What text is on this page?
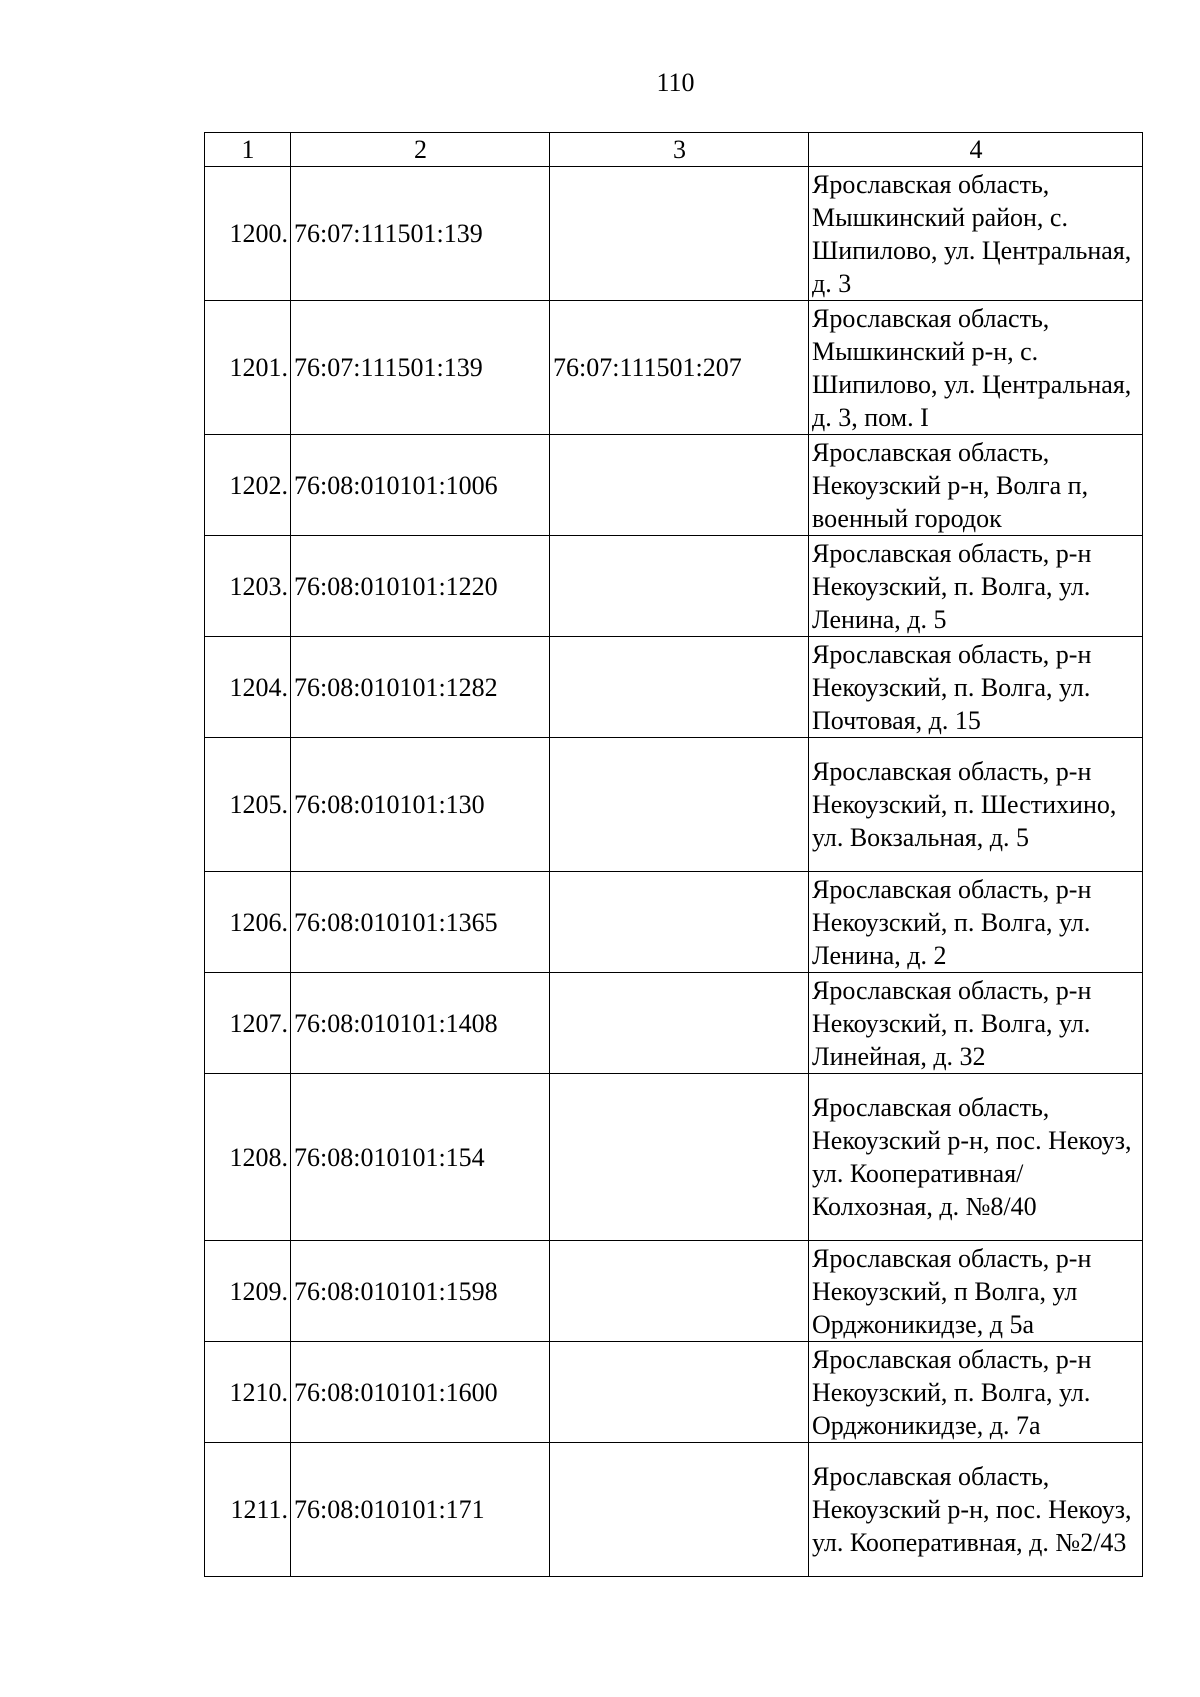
110
1	2	3	4
1200.	76:07:111501:139		Ярославская область, Мышкинский район, с. Шипилово, ул. Центральная, д. 3
1201.	76:07:111501:139	76:07:111501:207	Ярославская область, Мышкинский р-н, с. Шипилово, ул. Центральная, д. 3, пом. I
1202.	76:08:010101:1006		Ярославская область, Некоузский р-н, Волга п, военный городок
1203.	76:08:010101:1220		Ярославская область, р-н Некоузский, п. Волга, ул. Ленина, д. 5
1204.	76:08:010101:1282		Ярославская область, р-н Некоузский, п. Волга, ул. Почтовая, д. 15
1205.	76:08:010101:130		Ярославская область, р-н Некоузский, п. Шестихино, ул. Вокзальная, д. 5
1206.	76:08:010101:1365		Ярославская область, р-н Некоузский, п. Волга, ул. Ленина, д. 2
1207.	76:08:010101:1408		Ярославская область, р-н Некоузский, п. Волга, ул. Линейная, д. 32
1208.	76:08:010101:154		Ярославская область, Некоузский р-н, пос. Некоуз, ул. Кооперативная/Колхозная, д. №8/40
1209.	76:08:010101:1598		Ярославская область, р-н Некоузский, п Волга, ул Орджоникидзе, д 5а
1210.	76:08:010101:1600		Ярославская область, р-н Некоузский, п. Волга, ул. Орджоникидзе, д. 7а
1211.	76:08:010101:171		Ярославская область, Некоузский р-н, пос. Некоуз, ул. Кооперативная, д. №2/43
